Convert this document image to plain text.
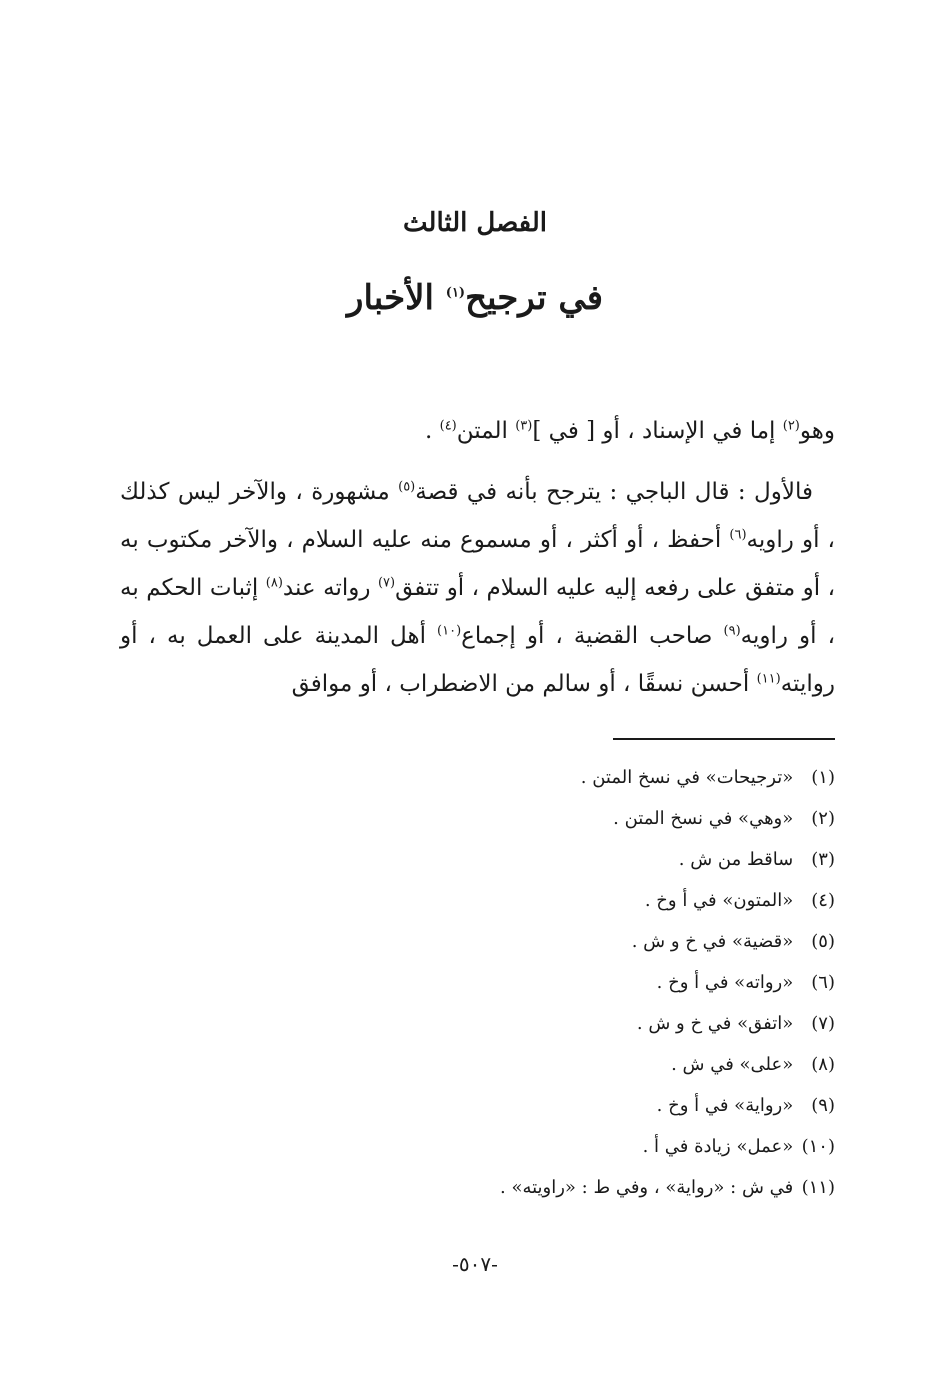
الفصل الثالث
في ترجيح$^{(١)}$ الأخبار
وهو$^{(٢)}$ إما في الإسناد ، أو [ في ]$^{(٣)}$ المتن$^{(٤)}$ .
فالأول : قال الباجي : يترجح بأنه في قصة$^{(٥)}$ مشهورة ، والآخر ليس كذلك ، أو راويه$^{(٦)}$ أحفظ ، أو أكثر ، أو مسموع منه عليه السلام ، والآخر مكتوب به ، أو متفق على رفعه إليه عليه السلام ، أو تتفق$^{(٧)}$ رواته عند$^{(٨)}$ إثبات الحكم به ، أو راويه$^{(٩)}$ صاحب القضية ، أو إجماع$^{(١٠)}$ أهل المدينة على العمل به ، أو روايته$^{(١١)}$ أحسن نسقًا ، أو سالم من الاضطراب ، أو موافق
(١) «ترجيحات» في نسخ المتن .
(٢) «وهي» في نسخ المتن .
(٣) ساقط من ش .
(٤) «المتون» في أ وخ .
(٥) «قضية» في خ و ش .
(٦) «رواته» في أ وخ .
(٧) «اتفق» في خ و ش .
(٨) «على» في ش .
(٩) «رواية» في أ وخ .
(١٠) «عمل» زيادة في أ .
(١١) في ش : «رواية» ، وفي ط : «راويته» .
-٥٠٧-
